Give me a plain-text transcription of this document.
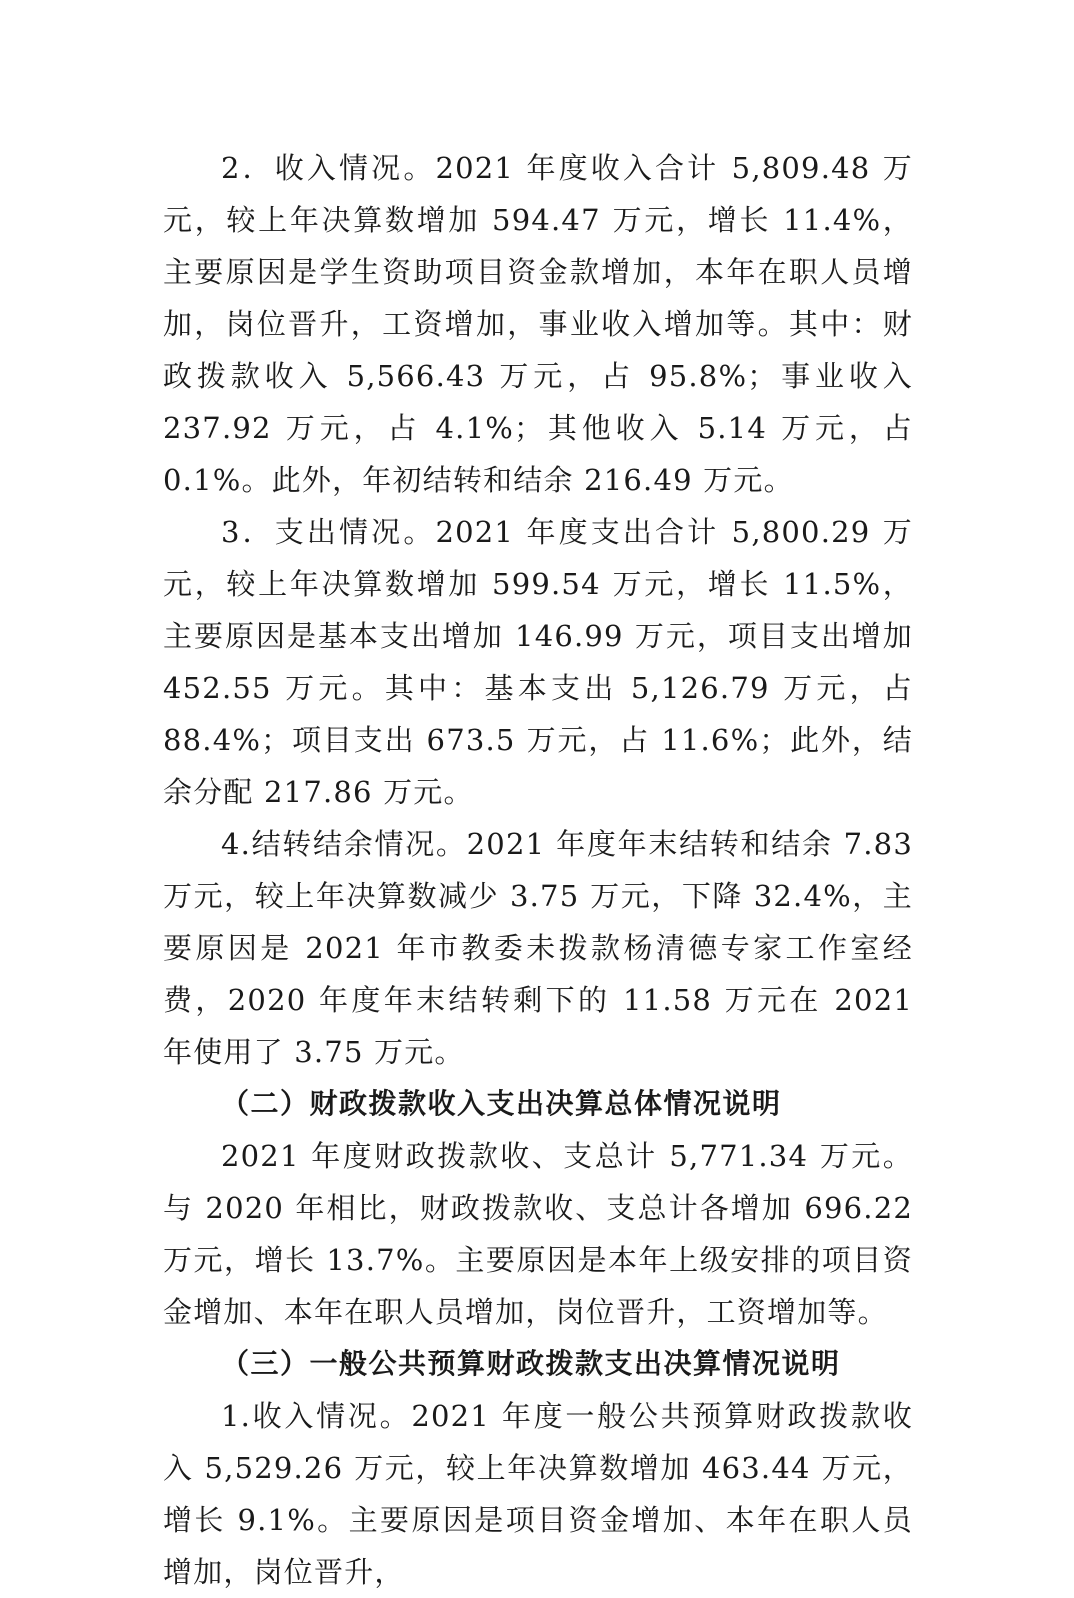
2．收入情况。2021 年度收入合计 5,809.48 万元，较上年决算数增加 594.47 万元，增长 11.4%，主要原因是学生资助项目资金款增加，本年在职人员增加，岗位晋升，工资增加，事业收入增加等。其中：财政拨款收入 5,566.43 万元，占 95.8%；事业收入 237.92 万元，占 4.1%；其他收入 5.14 万元，占 0.1%。此外，年初结转和结余 216.49 万元。

3．支出情况。2021 年度支出合计 5,800.29 万元，较上年决算数增加 599.54 万元，增长 11.5%，主要原因是基本支出增加 146.99 万元，项目支出增加 452.55 万元。其中：基本支出 5,126.79 万元，占 88.4%；项目支出 673.5 万元，占 11.6%；此外，结余分配 217.86 万元。

4.结转结余情况。2021 年度年末结转和结余 7.83 万元，较上年决算数减少 3.75 万元，下降 32.4%，主要原因是 2021 年市教委未拨款杨清德专家工作室经费，2020 年度年末结转剩下的 11.58 万元在 2021 年使用了 3.75 万元。

（二）财政拨款收入支出决算总体情况说明

2021 年度财政拨款收、支总计 5,771.34 万元。与 2020 年相比，财政拨款收、支总计各增加 696.22 万元，增长 13.7%。主要原因是本年上级安排的项目资金增加、本年在职人员增加，岗位晋升，工资增加等。

（三）一般公共预算财政拨款支出决算情况说明

1.收入情况。2021 年度一般公共预算财政拨款收入 5,529.26 万元，较上年决算数增加 463.44 万元，增长 9.1%。主要原因是项目资金增加、本年在职人员增加，岗位晋升，
